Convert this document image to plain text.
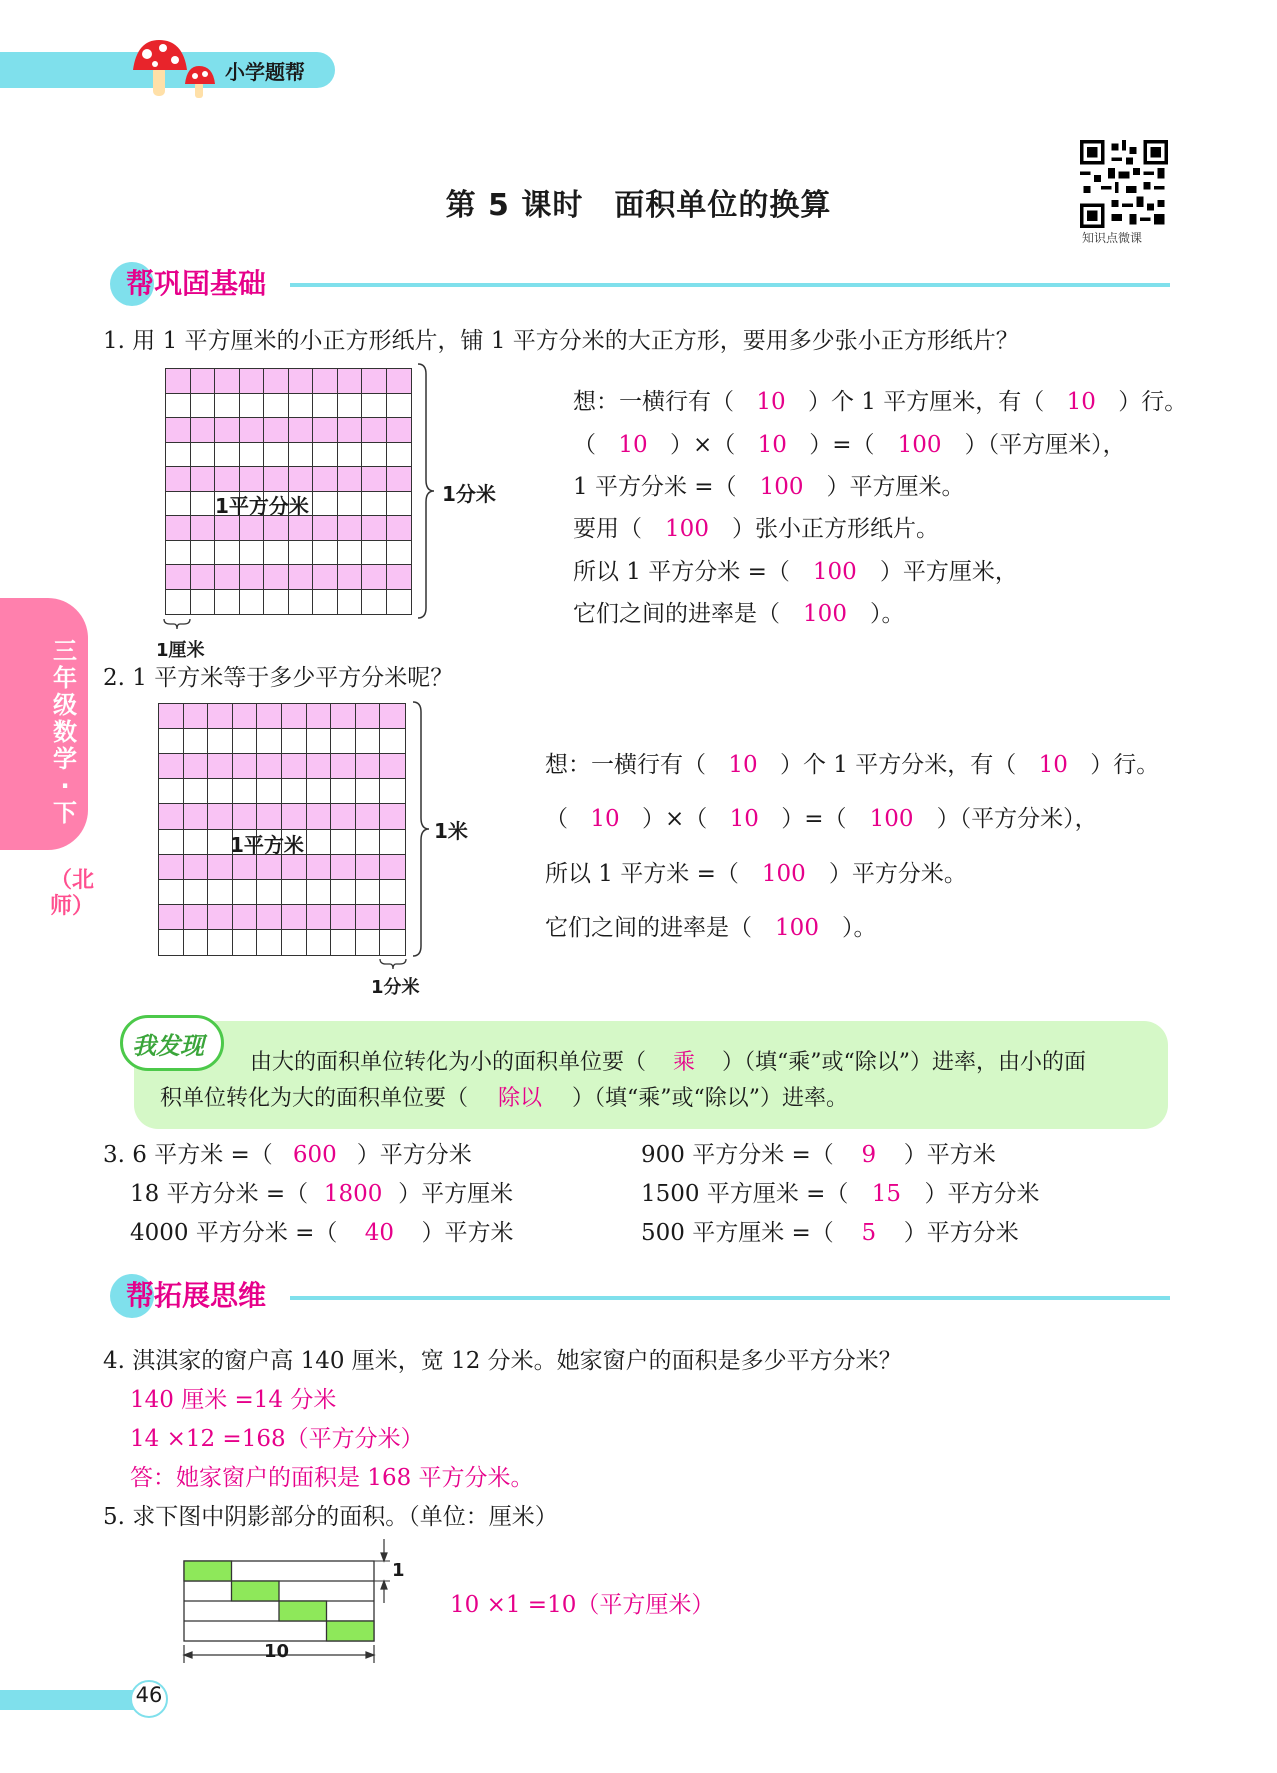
小学题帮
第 5 课时　面积单位的换算
知识点微课
三年级数学·下
（北师）
帮巩固基础
1. 用 1 平方厘米的小正方形纸片，铺 1 平方分米的大正方形，要用多少张小正方形纸片？
1平方分米	1分米
1厘米
想：一横行有（ 10 ）个 1 平方厘米，有（ 10 ）行。
（ 10 ）×（ 10 ）=（ 100 ）（平方厘米），
1 平方分米 =（ 100 ）平方厘米。
要用（ 100 ）张小正方形纸片。
所以 1 平方分米 =（ 100 ）平方厘米，
它们之间的进率是（ 100 ）。
2. 1 平方米等于多少平方分米呢？
1平方米
1米
1分米
想：一横行有（ 10 ）个 1 平方分米，有（ 10 ）行。
（ 10 ）×（ 10 ）=（ 100 ）（平方分米），
所以 1 平方米 =（ 100 ）平方分米。
它们之间的进率是（ 100 ）。
我发现
由大的面积单位转化为小的面积单位要（ 乘 ）（填“乘”或“除以”）进率，由小的面
积单位转化为大的面积单位要（ 除以 ）（填“乘”或“除以”）进率。
3. 6 平方米 =（ 600 ）平方分米
18 平方分米 =（ 1800 ）平方厘米
4000 平方分米 =（ 40 ）平方米
900 平方分米 =（ 9 ）平方米
1500 平方厘米 =（ 15 ）平方分米
500 平方厘米 =（ 5 ）平方分米
帮拓展思维
4. 淇淇家的窗户高 140 厘米，宽 12 分米。她家窗户的面积是多少平方分米？
140 厘米 =14 分米
14 ×12 =168（平方分米）
答：她家窗户的面积是 168 平方分米。
5. 求下图中阴影部分的面积。（单位：厘米）
1
10
10 ×1 =10（平方厘米）
46
